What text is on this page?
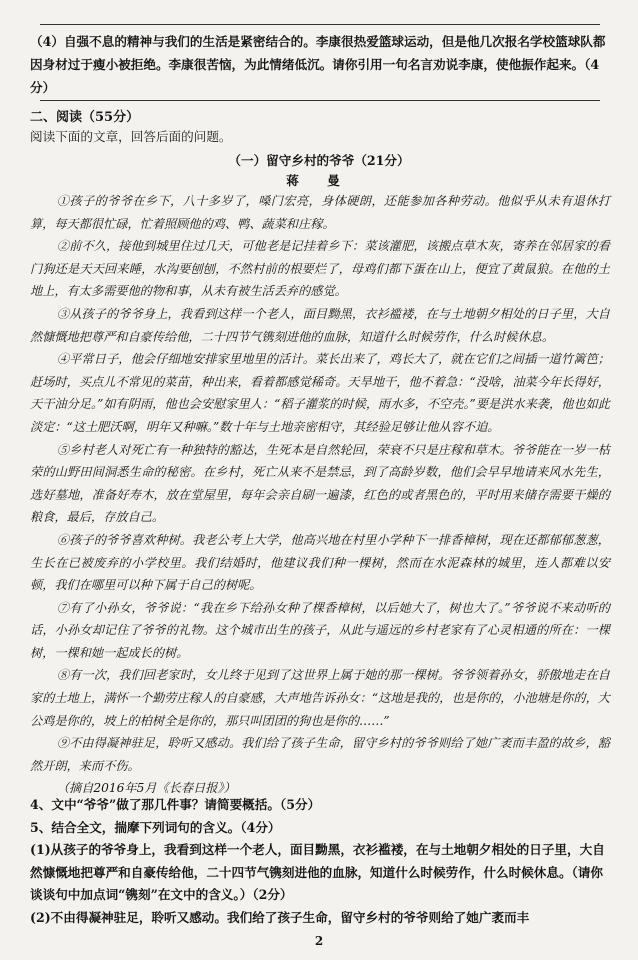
（4）自强不息的精神与我们的生活是紧密结合的。李康很热爱篮球运动，但是他几次报名学校篮球队都因身材过于瘦小被拒绝。李康很苦恼，为此情绪低沉。请你引用一句名言劝说李康，使他振作起来。（4分）
二、阅读（55分）
阅读下面的文章，回答后面的问题。
（一）留守乡村的爷爷（21分）
蒋 曼

①孩子的爷爷在乡下，八十多岁了，嗓门宏亮，身体硬朗，还能参加各种劳动。他似乎从未有退休打算，每天都很忙碌，忙着照顾他的鸡、鸭、蔬菜和庄稼。

②前不久，接他到城里住过几天，可他老是记挂着乡下：菜该灌肥，该搬点草木灰，寄养在邻居家的看门狗还是天天回来睡，水沟要刨刨，不然村前的根要烂了，母鸡们都下蛋在山上，便宜了黄鼠狼。在他的土地上，有太多需要他的物和事，从未有被生活丢弃的感觉。

③从孩子的爷爷身上，我看到这样一个老人，面目黝黑，衣衫褴褛，在与土地朝夕相处的日子里，大自然慷慨地把尊严和自豪传给他，二十四节气镌刻进他的血脉，知道什么时候劳作，什么时候休息。

④平常日子，他会仔细地安排家里地里的活计。菜长出来了，鸡长大了，就在它们之间插一道竹篱笆；赶场时，买点儿不常见的菜苗，种出来，看着都感觉稀奇。天旱地干，他不着急：“没啥，油菜今年长得好，天干油分足。”如有阴雨，他也会安慰家里人：“稻子灌浆的时候，雨水多，不空壳。”要是洪水来袭，他也如此淡定：“这土肥沃啊，明年又种嘛。”数十年与土地亲密相守，其经验足够让他从容不迫。

⑤乡村老人对死亡有一种独特的豁达，生死本是自然轮回，荣衰不只是庄稼和草木。爷爷能在一岁一枯荣的山野田间洞悉生命的秘密。在乡村，死亡从来不是禁忌，到了高龄岁数，他们会早早地请来风水先生，选好墓地，准备好寿木，放在堂屋里，每年会亲自刷一遍漆，红色的或者黑色的，平时用来储存需要干燥的粮食，最后，存放自己。

⑥孩子的爷爷喜欢种树。我老公考上大学，他高兴地在村里小学种下一排香樟树，现在还都郁郁葱葱，生长在已被废弃的小学校里。我们结婚时，他建议我们种一棵树，然而在水泥森林的城里，连人都难以安顿，我们在哪里可以种下属于自己的树呢。

⑦有了小孙女，爷爷说：“我在乡下给孙女种了棵香樟树，以后她大了，树也大了。”爷爷说不来动听的话，小孙女却记住了爷爷的礼物。这个城市出生的孩子，从此与遥远的乡村老家有了心灵相通的所在：一棵树，一棵和她一起成长的树。

⑧有一次，我们回老家时，女儿终于见到了这世界上属于她的那一棵树。爷爷领着孙女，骄傲地走在自家的土地上，满怀一个勤劳庄稼人的自豪感，大声地告诉孙女：“这地是我的，也是你的，小池塘是你的，大公鸡是你的，坡上的柏树全是你的，那只叫团团的狗也是你的……”

⑨不由得凝神驻足，聆听又感动。我们给了孩子生命，留守乡村的爷爷则给了她广袤而丰盈的故乡，豁然开朗，来而不伤。

（摘自2016年5月《长春日报》）

4、文中“爷爷”做了那几件事？请简要概括。（5分）

5、结合全文，揣摩下列词句的含义。（4分）

(1)从孩子的爷爷身上，我看到这样一个老人，面目黝黑，衣衫褴褛，在与土地朝夕相处的日子里，大自然慷慨地把尊严和自豪传给他，二十四节气镌刻进他的血脉，知道什么时候劳作，什么时候休息。（请你谈谈句中加点词“镌刻”在文中的含义。）（2分）

(2)不由得凝神驻足，聆听又感动。我们给了孩子生命，留守乡村的爷爷则给了她广袤而丰

2
